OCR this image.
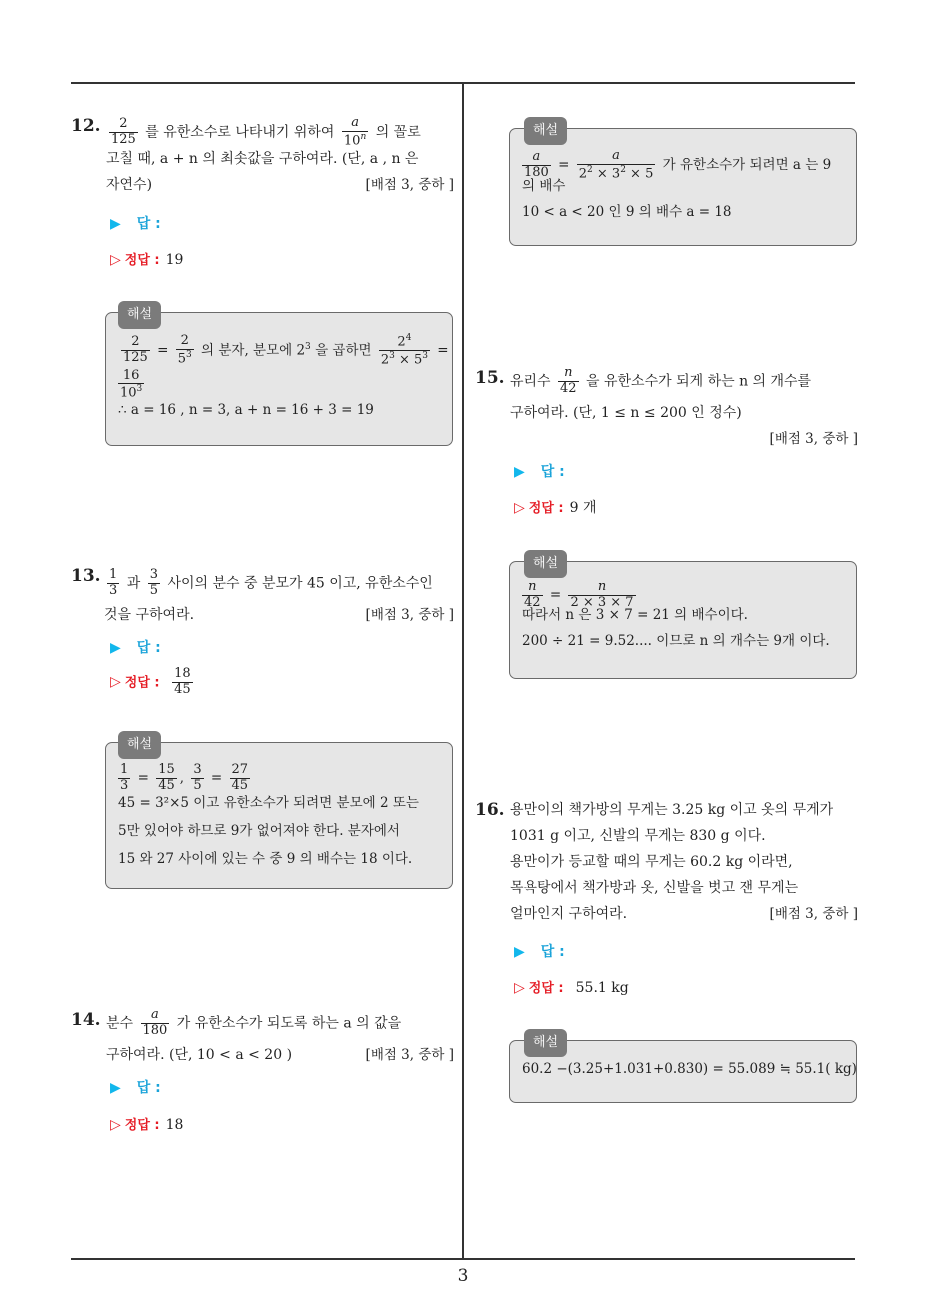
3
12. $\frac{2}{125}$ 를 유한소수로 나타내기 위하여 $\frac{a}{10^n}$ 의 꼴로
고칠 때, a + n 의 최솟값을 구하여라. (단, a , n 은
자연수)	[배점 3, 중하 ]
▶ 답 :
▷ 정답 : 19
해설
$\frac{2}{125} = \frac{2}{5^3}$ 의 분자, 분모에 $2^3$ 을 곱하면 $\frac{2^4}{2^3 \times 5^3}$ =
$\frac{16}{10^3}$
∴ a = 16 , n = 3, a + n = 16 + 3 = 19
13. $\frac{1}{3}$ 과 $\frac{3}{5}$ 사이의 분수 중 분모가 45 이고, 유한소수인
것을 구하여라.	[배점 3, 중하 ]
▶ 답 :
▷ 정답 : $\frac{18}{45}$
해설
$\frac{1}{3} = \frac{15}{45}$ , $\frac{3}{5} = \frac{27}{45}$
45 = 3²×5 이고 유한소수가 되려면 분모에 2 또는
5만 있어야 하므로 9가 없어져야 한다. 분자에서
15 와 27 사이에 있는 수 중 9 의 배수는 18 이다.
14. 분수 $\frac{a}{180}$ 가 유한소수가 되도록 하는 a 의 값을
구하여라. (단, 10 < a < 20 )	[배점 3, 중하 ]
▶ 답 :
▷ 정답 : 18
해설
$\frac{a}{180} = \frac{a}{2^2 \times 3^2 \times 5}$ 가 유한소수가 되려면 a 는 9
의 배수
10 < a < 20 인 9 의 배수 a = 18
15. 유리수 $\frac{n}{42}$ 을 유한소수가 되게 하는 n 의 개수를
구하여라. (단, 1 ≤ n ≤ 200 인 정수)
[배점 3, 중하 ]
▶ 답 :
▷ 정답 : 9 개
해설
$\frac{n}{42} = \frac{n}{2 \times 3 \times 7}$
따라서 n 은 3 × 7 = 21 의 배수이다.
200 ÷ 21 = 9.52.... 이므로 n 의 개수는 9개 이다.
16. 용만이의 책가방의 무게는 3.25 kg 이고 옷의 무게가
1031 g 이고, 신발의 무게는 830 g 이다.
용만이가 등교할 때의 무게는 60.2 kg 이라면,
목욕탕에서 책가방과 옷, 신발을 벗고 잰 무게는
얼마인지 구하여라.	[배점 3, 중하 ]
▶ 답 :
▷ 정답 : 55.1 kg
해설
60.2 −(3.25+1.031+0.830) = 55.089 ≒ 55.1( kg)
